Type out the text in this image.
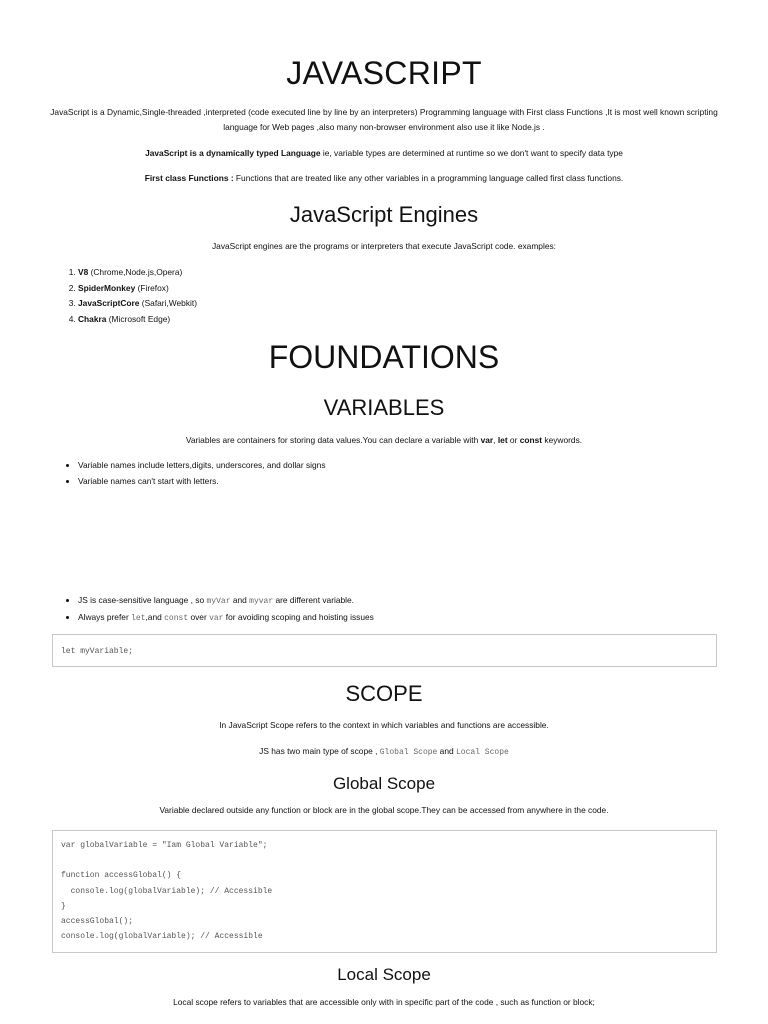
JAVASCRIPT

JavaScript is a Dynamic,Single-threaded ,interpreted (code executed line by line by an interpreters) Programming language with First class Functions ,It is most well known scripting

language for Web pages ,also many non-browser environment also use it like Node.js .

JavaScript is a dynamically typed Language ie, variable types are determined at runtime so we don't want to specify data type

First class Functions : Functions that are treated like any other variables in a programming language called first class functions.

JavaScript Engines

JavaScript engines are the programs or interpreters that execute JavaScript code. examples:

1. V8 (Chrome,Node.js,Opera)
2. SpiderMonkey (Firefox)
3. JavaScriptCore (Safari,Webkit)
4. Chakra (Microsoft Edge)
FOUNDATIONS
VARIABLES

Variables are containers for storing data values.You can declare a variable with var, let or const keywords.

• Variable names include letters,digits, underscores, and dollar signs
• Variable names can't start with letters.
• JS is case-sensitive language , so myVar and myvar are different variable.
• Always prefer let,and const over var for avoiding scoping and hoisting issues
let myVariable;
SCOPE

In JavaScript Scope refers to the context in which variables and functions are accessible.

JS has two main type of scope , Global Scope and Local Scope

Global Scope

Variable declared outside any function or block are in the global scope.They can be accessed from anywhere in the code.

var globalVariable = "Iam Global Variable";
function accessGlobal() {
console.log(globalVariable); // Accessible
}
accessGlobal();
console.log(globalVariable); // Accessible
Local Scope

Local scope refers to variables that are accessible only with in specific part of the code , such as function or block;
